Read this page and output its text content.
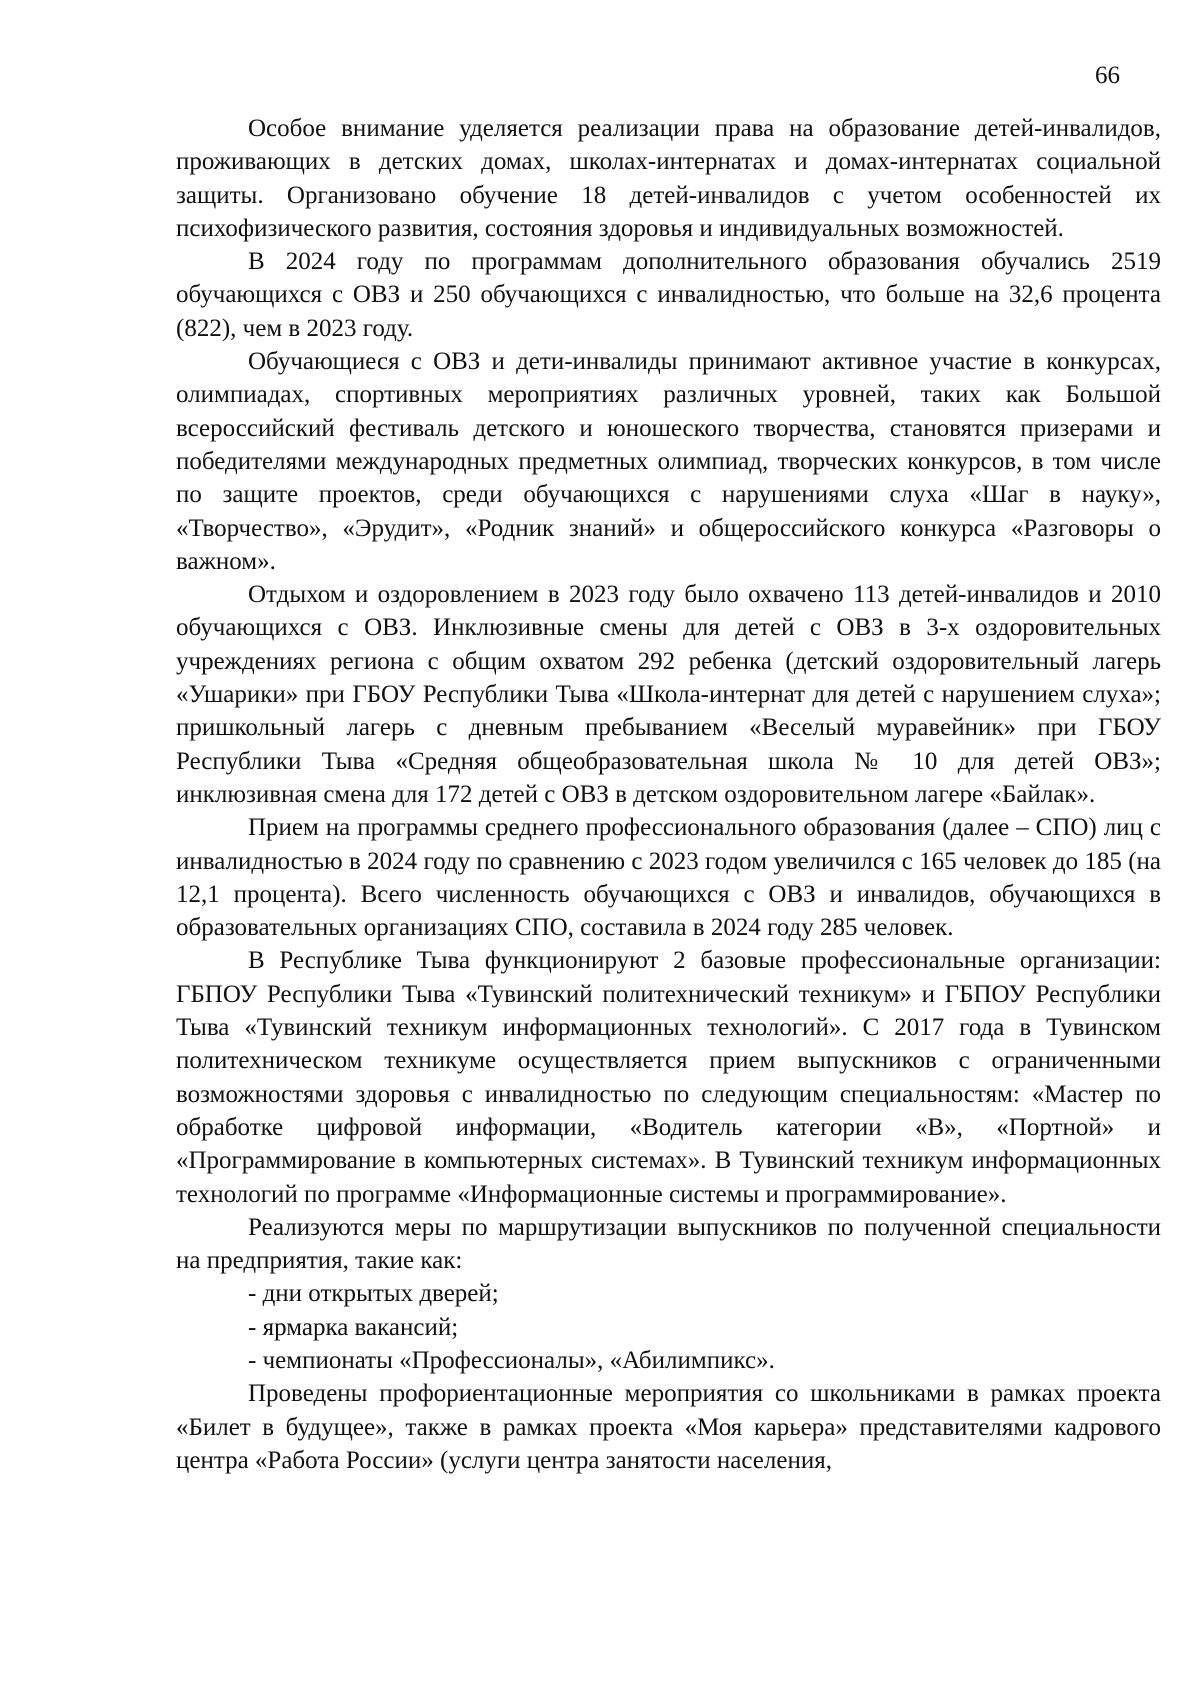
66

Особое внимание уделяется реализации права на образование детей-инвалидов, проживающих в детских домах, школах-интернатах и домах-интернатах социальной защиты. Организовано обучение 18 детей-инвалидов с учетом особенностей их психофизического развития, состояния здоровья и индивидуальных возможностей.

В 2024 году по программам дополнительного образования обучались 2519 обучающихся с ОВЗ и 250 обучающихся с инвалидностью, что больше на 32,6 процента (822), чем в 2023 году.

Обучающиеся с ОВЗ и дети-инвалиды принимают активное участие в конкурсах, олимпиадах, спортивных мероприятиях различных уровней, таких как Большой всероссийский фестиваль детского и юношеского творчества, становятся призерами и победителями международных предметных олимпиад, творческих конкурсов, в том числе по защите проектов, среди обучающихся с нарушениями слуха «Шаг в науку», «Творчество», «Эрудит», «Родник знаний» и общероссийского конкурса «Разговоры о важном».

Отдыхом и оздоровлением в 2023 году было охвачено 113 детей-инвалидов и 2010 обучающихся с ОВЗ. Инклюзивные смены для детей с ОВЗ в 3-х оздоровительных учреждениях региона с общим охватом 292 ребенка (детский оздоровительный лагерь «Ушарики» при ГБОУ Республики Тыва «Школа-интернат для детей с нарушением слуха»; пришкольный лагерь с дневным пребыванием «Веселый муравейник» при ГБОУ Республики Тыва «Средняя общеобразовательная школа № 10 для детей ОВЗ»; инклюзивная смена для 172 детей с ОВЗ в детском оздоровительном лагере «Байлак».

Прием на программы среднего профессионального образования (далее – СПО) лиц с инвалидностью в 2024 году по сравнению с 2023 годом увеличился с 165 человек до 185 (на 12,1 процента). Всего численность обучающихся с ОВЗ и инвалидов, обучающихся в образовательных организациях СПО, составила в 2024 году 285 человек.

В Республике Тыва функционируют 2 базовые профессиональные организации: ГБПОУ Республики Тыва «Тувинский политехнический техникум» и ГБПОУ Республики Тыва «Тувинский техникум информационных технологий». С 2017 года в Тувинском политехническом техникуме осуществляется прием выпускников с ограниченными возможностями здоровья с инвалидностью по следующим специальностям: «Мастер по обработке цифровой информации, «Водитель категории «В», «Портной» и «Программирование в компьютерных системах». В Тувинский техникум информационных технологий по программе «Информационные системы и программирование».

Реализуются меры по маршрутизации выпускников по полученной специальности на предприятия, такие как:

- дни открытых дверей;

- ярмарка вакансий;

- чемпионаты «Профессионалы», «Абилимпикс».

Проведены профориентационные мероприятия со школьниками в рамках проекта «Билет в будущее», также в рамках проекта «Моя карьера» представителями кадрового центра «Работа России» (услуги центра занятости населения,
